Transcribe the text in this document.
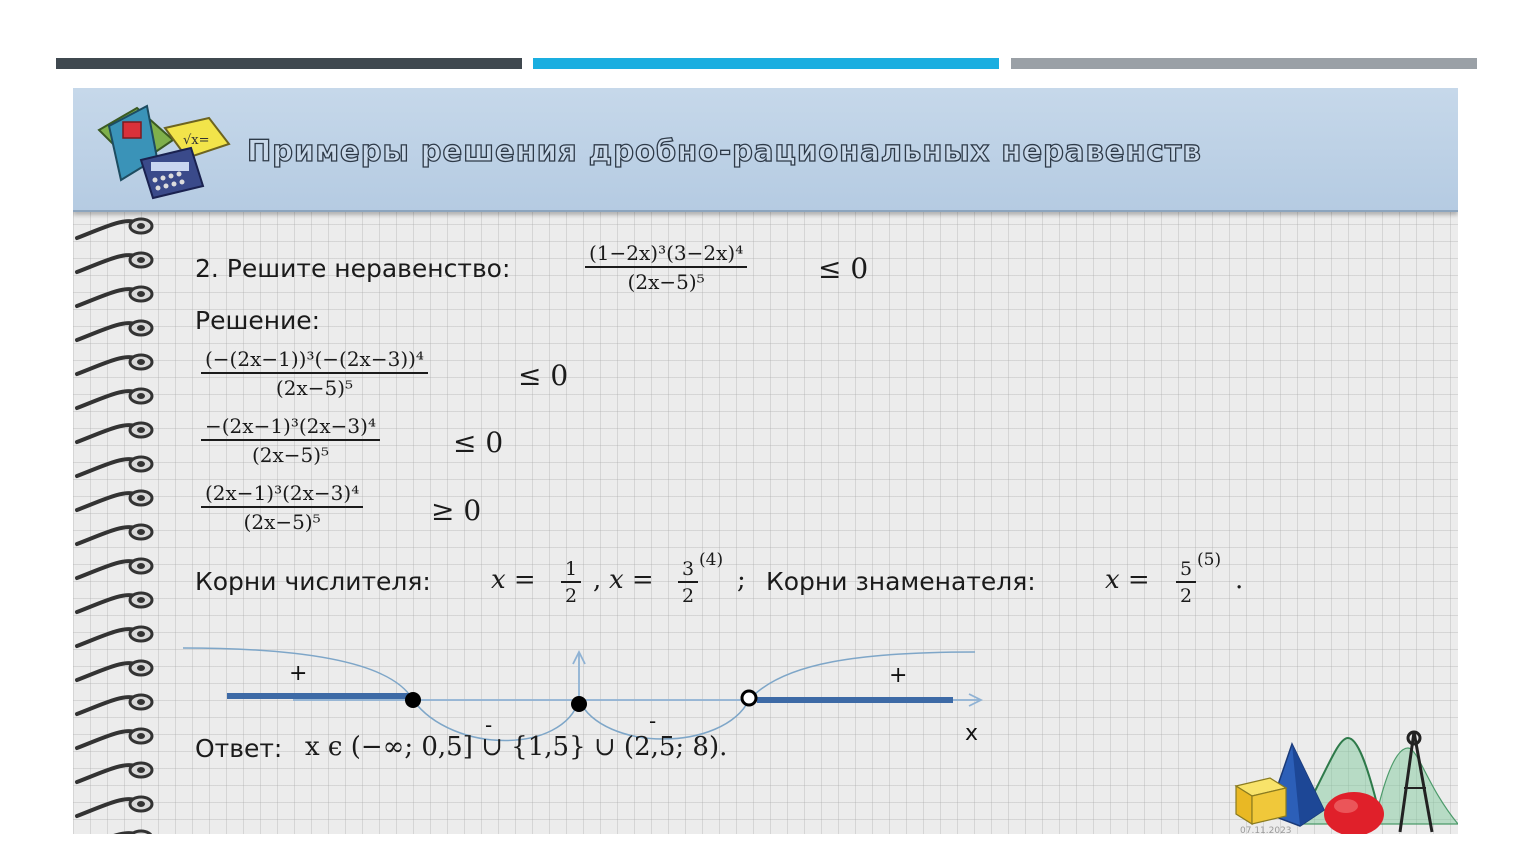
√x= Примеры решения дробно-рациональных неравенств
2. Решите неравенство:	$\frac{\text{(1−2x)³(3−2x)⁴}}{\text{(2x−5)⁵}}$	≤ 0
Решение:
$\frac{\text{(−(2x−1))³(−(2x−3))⁴}}{\text{(2x−5)⁵}}$	≤ 0
$\frac{\text{−(2x−1)³(2x−3)⁴}}{\text{(2x−5)⁵}}$	≤ 0
$\frac{\text{(2x−1)³(2x−3)⁴}}{\text{(2x−5)⁵}} \ge 0$
Корни числителя: $x = \frac{1}{2}$ , $x = \frac{3}{2} (4)$
; Корни знаменателя:	$x = \frac{5}{2} (5)$
.
+
-	-
+
x
Ответ: x ϵ (−∞; 0,5] ∪ {1,5} ∪ (2,5; 8).
07.11.2023
